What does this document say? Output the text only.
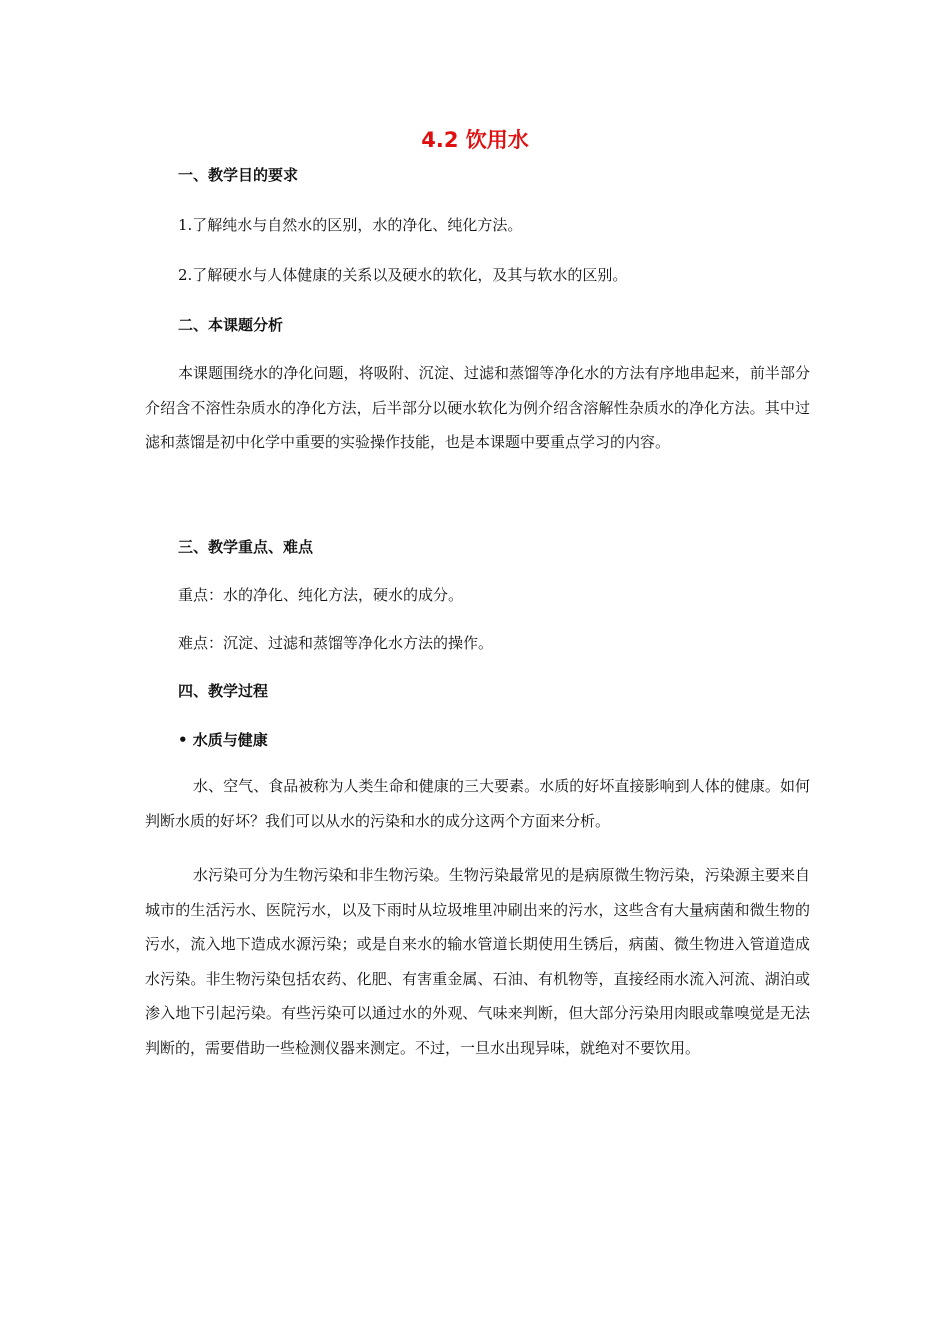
4.2 饮用水
一、教学目的要求

1.了解纯水与自然水的区别，水的净化、纯化方法。

2.了解硬水与人体健康的关系以及硬水的软化，及其与软水的区别。

二、本课题分析

本课题围绕水的净化问题，将吸附、沉淀、过滤和蒸馏等净化水的方法有序地串起来，前半部分介绍含不溶性杂质水的净化方法，后半部分以硬水软化为例介绍含溶解性杂质水的净化方法。其中过滤和蒸馏是初中化学中重要的实验操作技能，也是本课题中要重点学习的内容。

三、教学重点、难点

重点：水的净化、纯化方法，硬水的成分。

难点：沉淀、过滤和蒸馏等净化水方法的操作。

四、教学过程
• 水质与健康

水、空气、食品被称为人类生命和健康的三大要素。水质的好坏直接影响到人体的健康。如何判断水质的好坏？我们可以从水的污染和水的成分这两个方面来分析。

水污染可分为生物污染和非生物污染。生物污染最常见的是病原微生物污染，污染源主要来自城市的生活污水、医院污水，以及下雨时从垃圾堆里冲刷出来的污水，这些含有大量病菌和微生物的污水，流入地下造成水源污染；或是自来水的输水管道长期使用生锈后，病菌、微生物进入管道造成水污染。非生物污染包括农药、化肥、有害重金属、石油、有机物等，直接经雨水流入河流、湖泊或渗入地下引起污染。有些污染可以通过水的外观、气味来判断，但大部分污染用肉眼或靠嗅觉是无法判断的，需要借助一些检测仪器来测定。不过，一旦水出现异味，就绝对不要饮用。
